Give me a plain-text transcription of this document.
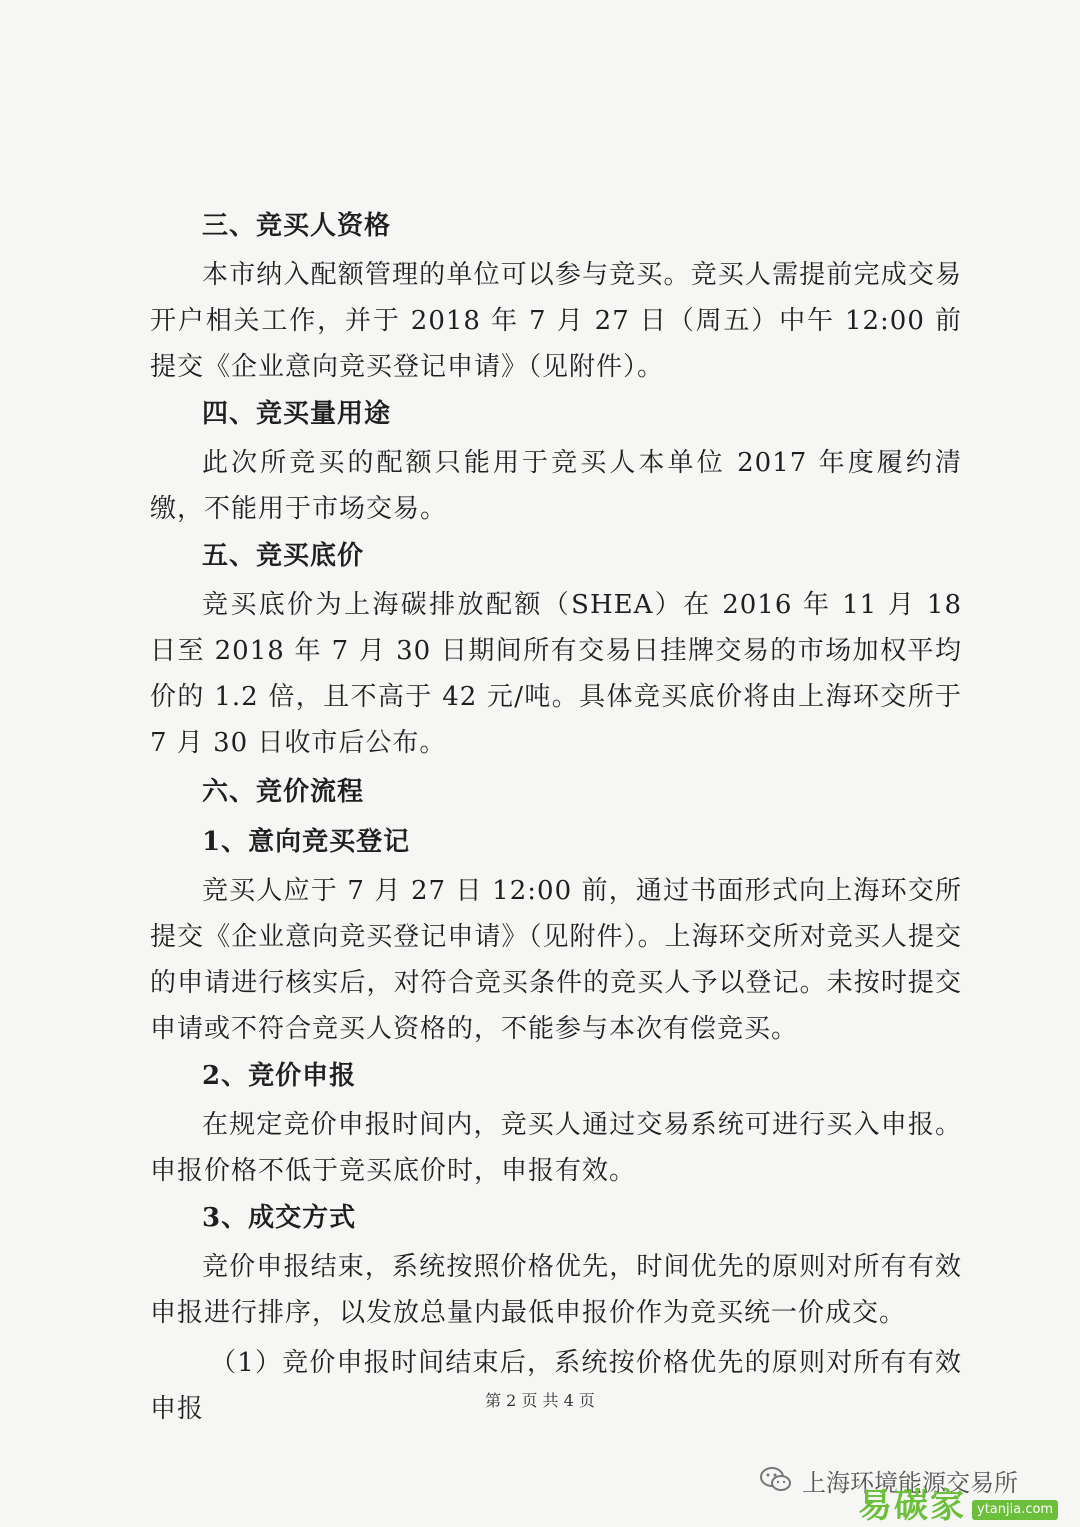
三、竞买人资格

本市纳入配额管理的单位可以参与竞买。竞买人需提前完成交易开户相关工作，并于 2018 年 7 月 27 日（周五）中午 12:00 前提交《企业意向竞买登记申请》（见附件）。

四、竞买量用途

此次所竞买的配额只能用于竞买人本单位 2017 年度履约清缴，不能用于市场交易。

五、竞买底价

竞买底价为上海碳排放配额（SHEA）在 2016 年 11 月 18 日至 2018 年 7 月 30 日期间所有交易日挂牌交易的市场加权平均价的 1.2 倍，且不高于 42 元/吨。具体竞买底价将由上海环交所于 7 月 30 日收市后公布。

六、竞价流程
1、意向竞买登记

竞买人应于 7 月 27 日 12:00 前，通过书面形式向上海环交所提交《企业意向竞买登记申请》（见附件）。上海环交所对竞买人提交的申请进行核实后，对符合竞买条件的竞买人予以登记。未按时提交申请或不符合竞买人资格的，不能参与本次有偿竞买。

2、竞价申报

在规定竞价申报时间内，竞买人通过交易系统可进行买入申报。申报价格不低于竞买底价时，申报有效。

3、成交方式

竞价申报结束，系统按照价格优先，时间优先的原则对所有有效申报进行排序，以发放总量内最低申报价作为竞买统一价成交。

（1）竞价申报时间结束后，系统按价格优先的原则对所有有效申报	第 2 页 共 4 页
上海环境能源交易所
易碳家 ytanjia.com
